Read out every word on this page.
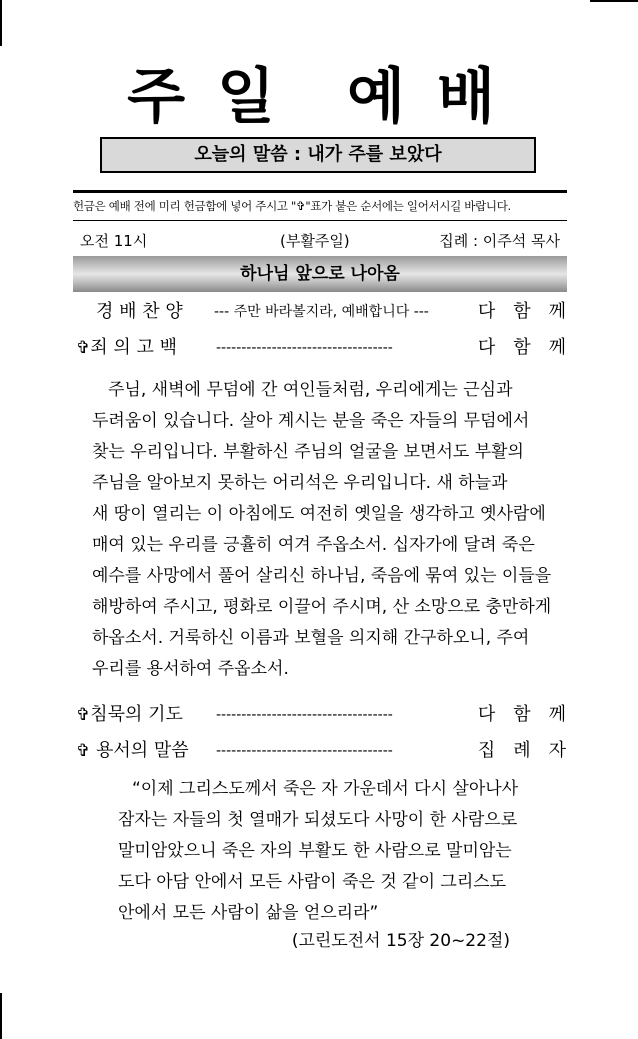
주 일 예 배
오늘의 말씀 : 내가 주를 보았다
헌금은 예배 전에 미리 헌금함에 넣어 주시고 "✞"표가 붙은 순서에는 일어서시길 바랍니다.
오전 11시	(부활주일)	집례 : 이주석 목사
하나님 앞으로 나아옴
경 배 찬 양 --- 주만 바라볼지라, 예배합니다 ---	다함께
✞죄 의 고 백	-----------------------------------	다함께

주님, 새벽에 무덤에 간 여인들처럼, 우리에게는 근심과

두려움이 있습니다. 살아 계시는 분을 죽은 자들의 무덤에서

찾는 우리입니다. 부활하신 주님의 얼굴을 보면서도 부활의

주님을 알아보지 못하는 어리석은 우리입니다. 새 하늘과

새 땅이 열리는 이 아침에도 여전히 옛일을 생각하고 옛사람에

매여 있는 우리를 긍휼히 여겨 주옵소서. 십자가에 달려 죽은

예수를 사망에서 풀어 살리신 하나님, 죽음에 묶여 있는 이들을

해방하여 주시고, 평화로 이끌어 주시며, 산 소망으로 충만하게

하옵소서. 거룩하신 이름과 보혈을 의지해 간구하오니, 주여

우리를 용서하여 주옵소서.

✞침묵의 기도 -----------------------------------	다함께
✞ 용서의 말씀 -----------------------------------	집례자

“이제 그리스도께서 죽은 자 가운데서 다시 살아나사

잠자는 자들의 첫 열매가 되셨도다 사망이 한 사람으로

말미암았으니 죽은 자의 부활도 한 사람으로 말미암는

도다 아담 안에서 모든 사람이 죽은 것 같이 그리스도

안에서 모든 사람이 삶을 얻으리라”

(고린도전서 15장 20~22절)
